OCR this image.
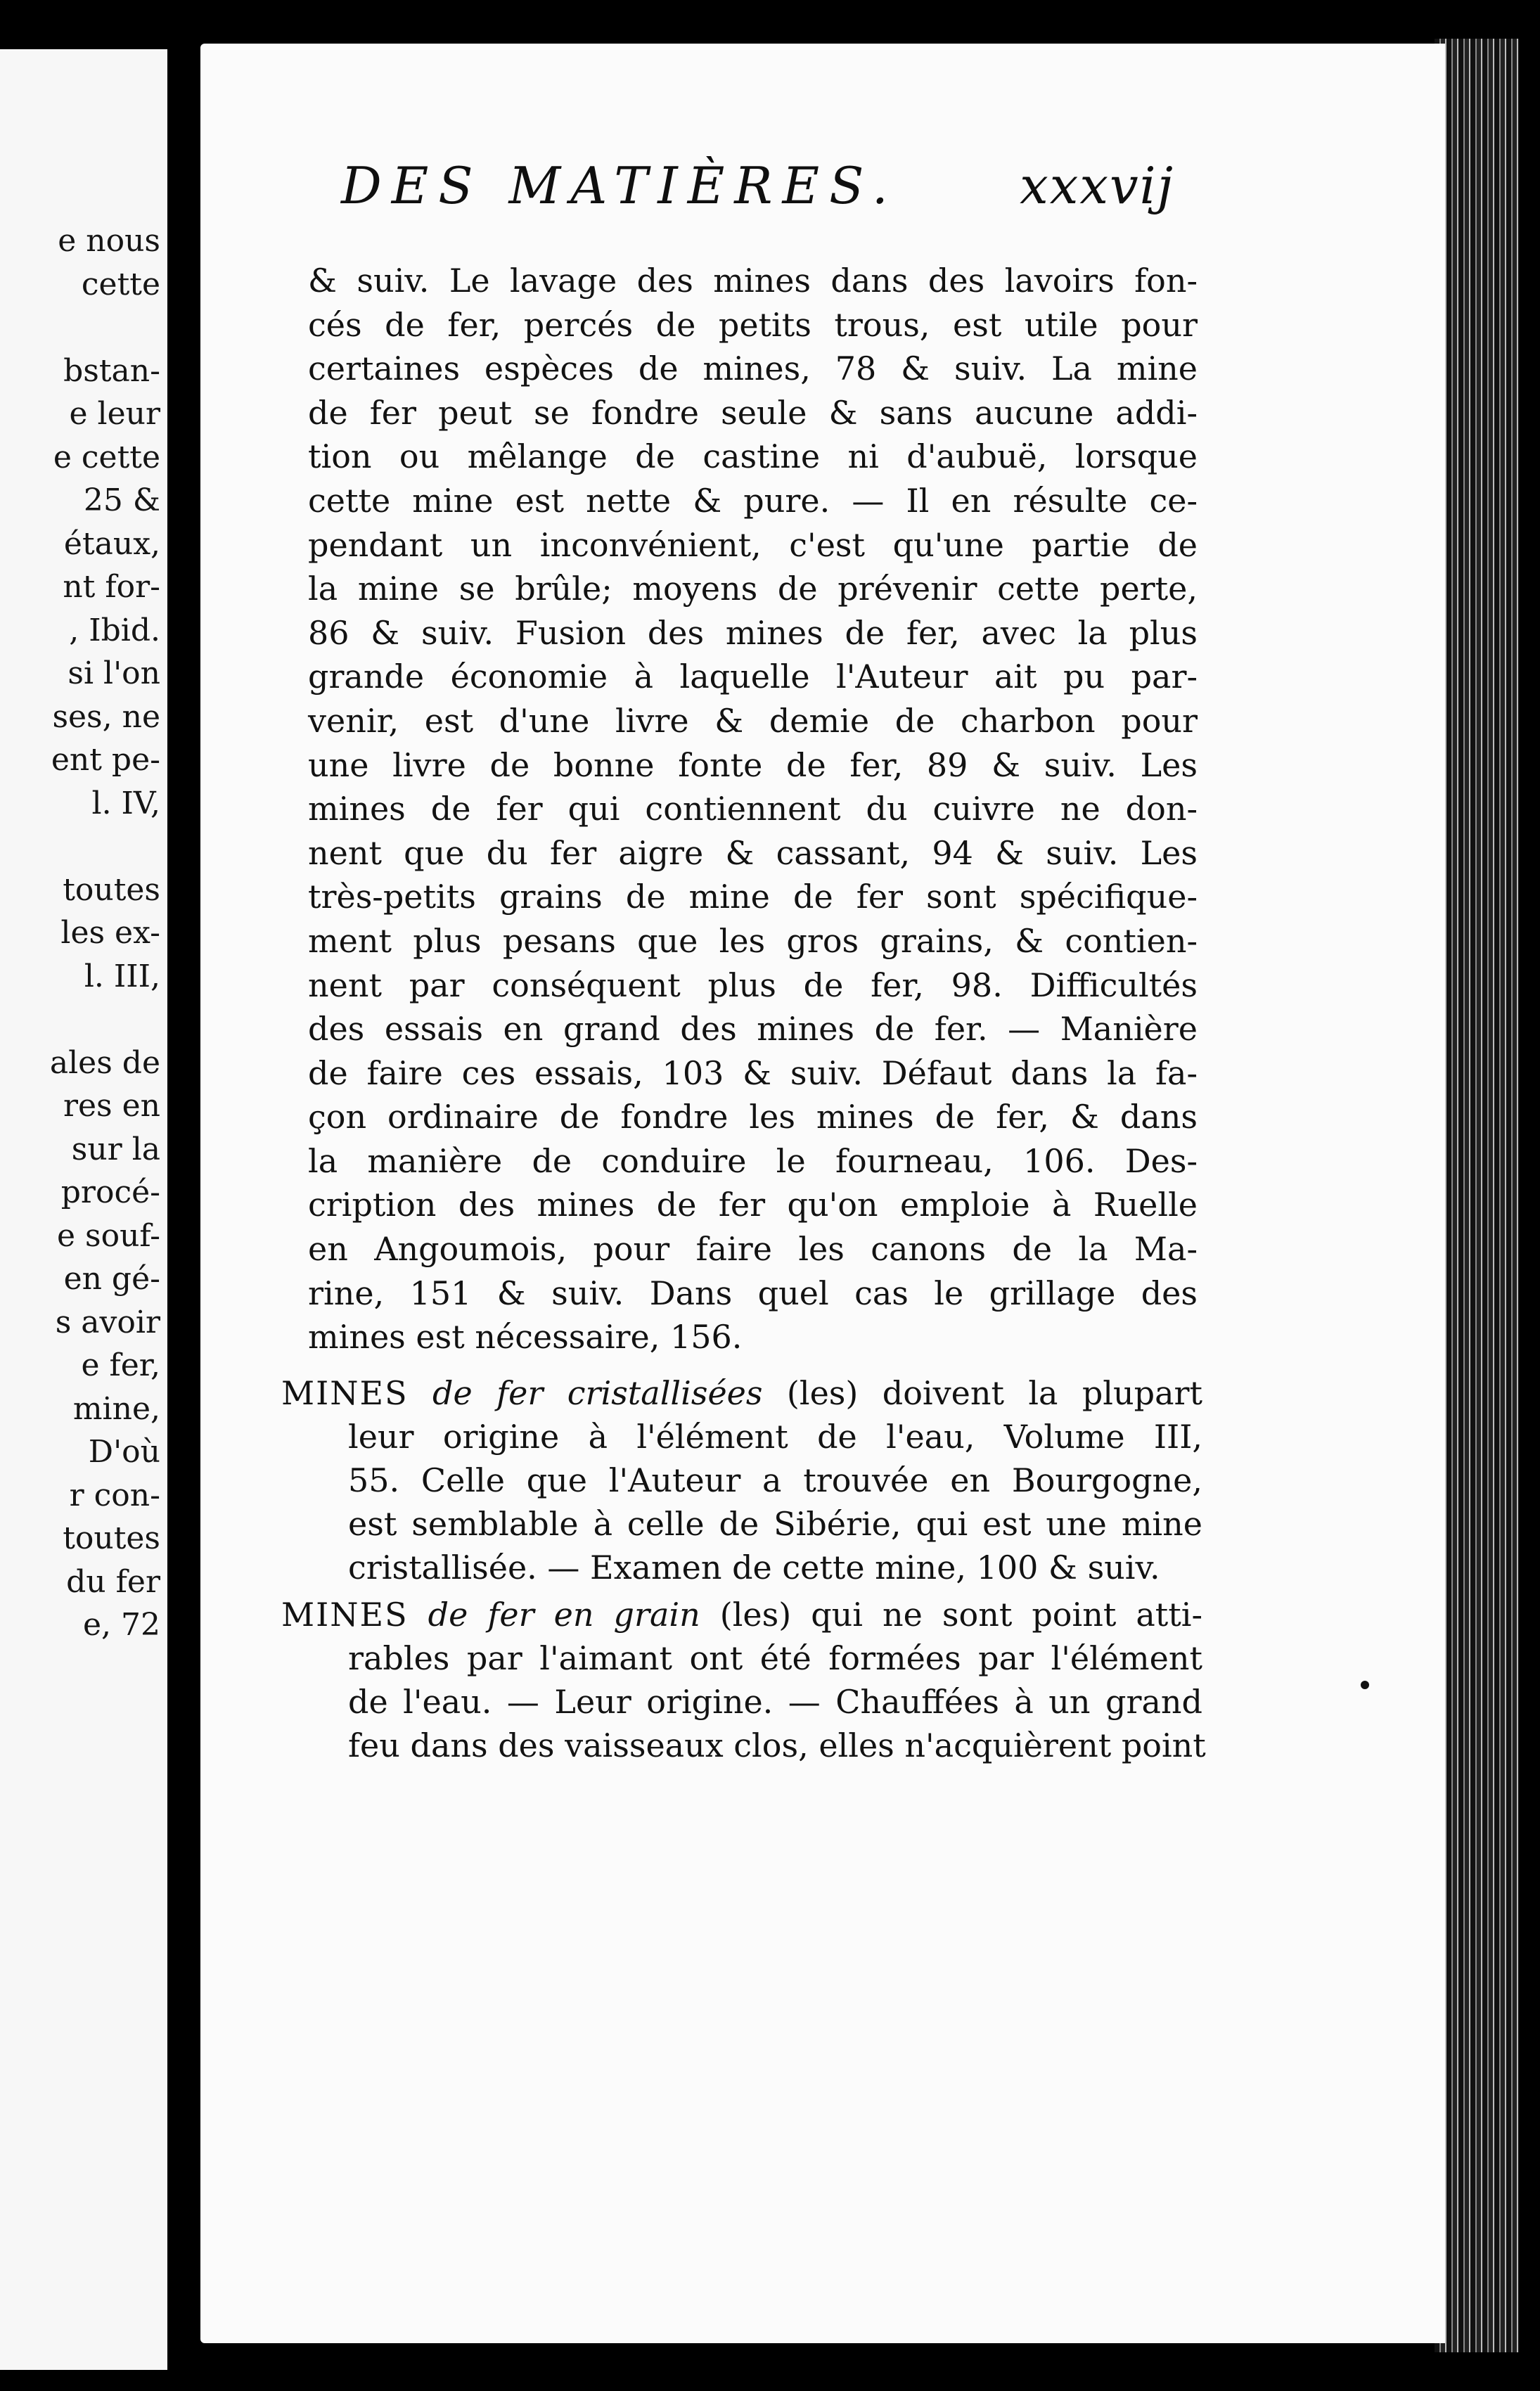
e nous
cette
bstan-
e leur
e cette
25 &
étaux,
nt for-
, Ibid.
si l'on
ses, ne
ent pe-
l. IV,
toutes
les ex-
l. III,
ales de
res en
sur la
procé-
e souf-
en gé-
s avoir
e fer,
mine,
D'où
r con-
toutes
du fer
e, 72
DES MATIÈRES. xxxvij
& suiv. Le lavage des mines dans des lavoirs fon-
cés de fer, percés de petits trous, est utile pour
certaines espèces de mines, 78 & suiv. La mine
de fer peut se fondre seule & sans aucune addi-
tion ou mêlange de castine ni d'aubuë, lorsque
cette mine est nette & pure. — Il en résulte ce-
pendant un inconvénient, c'est qu'une partie de
la mine se brûle; moyens de prévenir cette perte,
86 & suiv. Fusion des mines de fer, avec la plus
grande économie à laquelle l'Auteur ait pu par-
venir, est d'une livre & demie de charbon pour
une livre de bonne fonte de fer, 89 & suiv. Les
mines de fer qui contiennent du cuivre ne don-
nent que du fer aigre & cassant, 94 & suiv. Les
très-petits grains de mine de fer sont spécifique-
ment plus pesans que les gros grains, & contien-
nent par conséquent plus de fer, 98. Difficultés
des essais en grand des mines de fer. — Manière
de faire ces essais, 103 & suiv. Défaut dans la fa-
çon ordinaire de fondre les mines de fer, & dans
la manière de conduire le fourneau, 106. Des-
cription des mines de fer qu'on emploie à Ruelle
en Angoumois, pour faire les canons de la Ma-
rine, 151 & suiv. Dans quel cas le grillage des
mines est nécessaire, 156.
MINES de fer cristallisées (les) doivent la plupart
leur origine à l'élément de l'eau, Volume III,
55. Celle que l'Auteur a trouvée en Bourgogne,
est semblable à celle de Sibérie, qui est une mine
cristallisée. — Examen de cette mine, 100 & suiv.
MINES de fer en grain (les) qui ne sont point atti-
rables par l'aimant ont été formées par l'élément
de l'eau. — Leur origine. — Chauffées à un grand
feu dans des vaisseaux clos, elles n'acquièrent point
